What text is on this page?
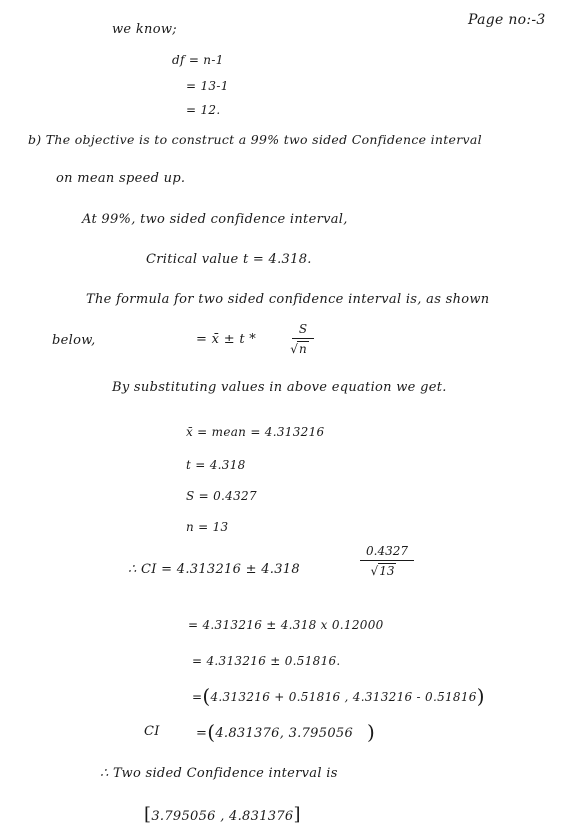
Page no:-3
we know;
df = n-1
= 13-1
= 12.
b) The objective is to construct a 99% two sided Confidence interval
on mean speed up.
At 99%, two sided confidence interval,
Critical value t = 4.318.
The formula for two sided confidence interval is, as shown
below,	= x̄ ± t *	S
√ n
By substituting values in above equation we get.
x̄ = mean = 4.313216
t = 4.318
S = 0.4327
n = 13
∴ CI = 4.313216 ± 4.318	0.4327
√ 13
= 4.313216 ± 4.318 x 0.12000
= 4.313216 ± 0.51816.
=(4.313216 + 0.51816 , 4.313216 - 0.51816)
CI	=(4.831376, 3.795056 )
∴ Two sided Confidence interval is
[3.795056 , 4.831376]
